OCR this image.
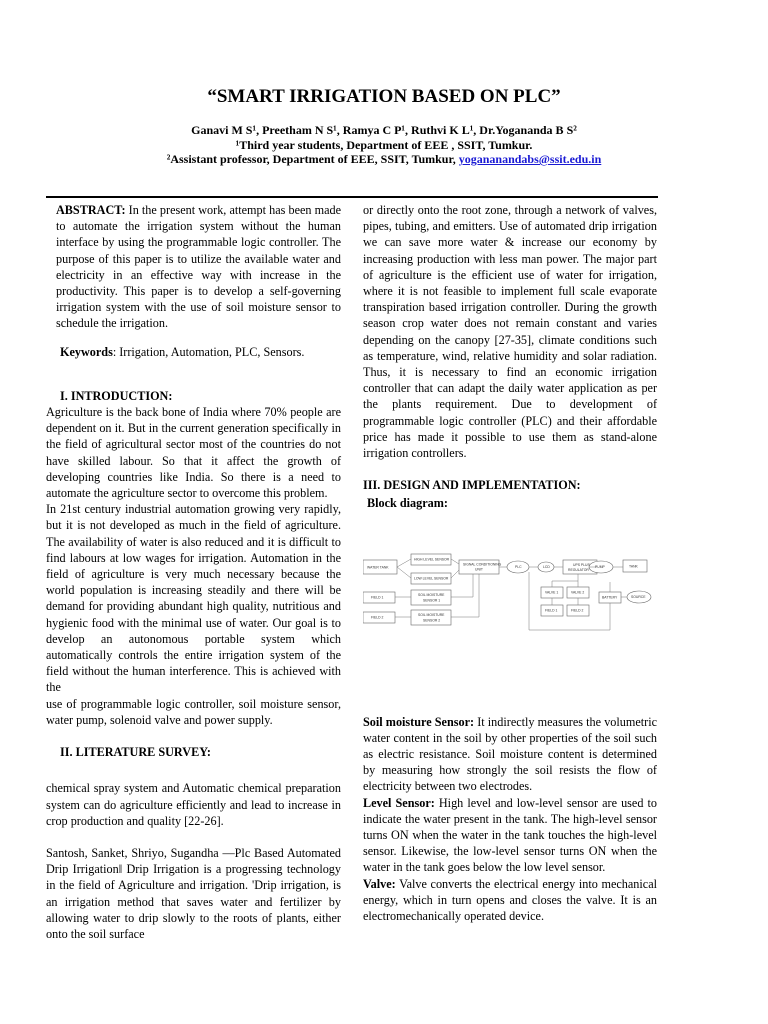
“SMART IRRIGATION BASED ON PLC”
Ganavi M S¹, Preetham N S¹, Ramya C P¹, Ruthvi K L¹, Dr.Yogananda B S²
¹Third year students, Department of EEE , SSIT, Tumkur.
²Assistant professor, Department of EEE, SSIT, Tumkur, yogananandabs@ssit.edu.in

ABSTRACT: In the present work, attempt has been made to automate the irrigation system without the human interface by using the programmable logic controller. The purpose of this paper is to utilize the available water and electricity in an effective way with increase in the productivity. This paper is to develop a self-governing irrigation system with the use of soil moisture sensor to schedule the irrigation.

Keywords: Irrigation, Automation, PLC, Sensors.

I. INTRODUCTION:

Agriculture is the back bone of India where 70% people are dependent on it. But in the current generation specifically in the field of agricultural sector most of the countries do not have skilled labour. So that it affect the growth of developing countries like India. So there is a need to automate the agriculture sector to overcome this problem.

In 21st century industrial automation growing very rapidly, but it is not developed as much in the field of agriculture. The availability of water is also reduced and it is difficult to find labours at low wages for irrigation. Automation in the field of agriculture is very much necessary because the world population is increasing steadily and there will be demand for providing abundant high quality, nutritious and hygienic food with the minimal use of water. Our goal is to develop an autonomous portable system which automatically controls the entire irrigation system of the field without the human interference. This is achieved with the

use of programmable logic controller, soil moisture sensor, water pump, solenoid valve and power supply.

II. LITERATURE SURVEY:

chemical spray system and Automatic chemical preparation system can do agriculture efficiently and lead to increase in crop production and quality [22-26].

Santosh, Sanket, Shriyo, Sugandha ―Plc Based Automated Drip Irrigation‖ Drip Irrigation is a progressing technology in the field of Agriculture and irrigation. 'Drip irrigation, is an irrigation method that saves water and fertilizer by allowing water to drip slowly to the roots of plants, either onto the soil surface

or directly onto the root zone, through a network of valves, pipes, tubing, and emitters. Use of automated drip irrigation we can save more water & increase our economy by increasing production with less man power. The major part of agriculture is the efficient use of water for irrigation, where it is not feasible to implement full scale evaporate transpiration based irrigation controller. During the growth season crop water does not remain constant and varies depending on the canopy [27-35], climate conditions such as temperature, wind, relative humidity and solar radiation. Thus, it is necessary to find an economic irrigation controller that can adapt the daily water application as per the plants requirement. Due to development of programmable logic controller (PLC) and their affordable price has made it possible to use them as stand-alone irrigation controllers.

III. DESIGN AND IMPLEMENTATION:
Block diagram:
WATER TANK
HIGH LEVEL SENSOR
LOW LEVEL SENSOR
SIGNAL CONDITIONING
UNIT
PLC	LCD
UPS PLUS
REGULATOR
PUMP	TANK
FIELD 1
FIELD 2
SOIL MOISTURE
SENSOR 1
SOIL MOISTURE
SENSOR 2
VALVE 1	VALVE 2
FIELD 1	FIELD 2
BATTERY	SOURCE

Soil moisture Sensor: It indirectly measures the volumetric water content in the soil by other properties of the soil such as electric resistance. Soil moisture content is determined by measuring how strongly the soil resists the flow of electricity between two electrodes.

Level Sensor: High level and low-level sensor are used to indicate the water present in the tank. The high-level sensor turns ON when the water in the tank touches the high-level sensor. Likewise, the low-level sensor turns ON when the water in the tank goes below the low level sensor.

Valve: Valve converts the electrical energy into mechanical energy, which in turn opens and closes the valve. It is an electromechanically operated device.
